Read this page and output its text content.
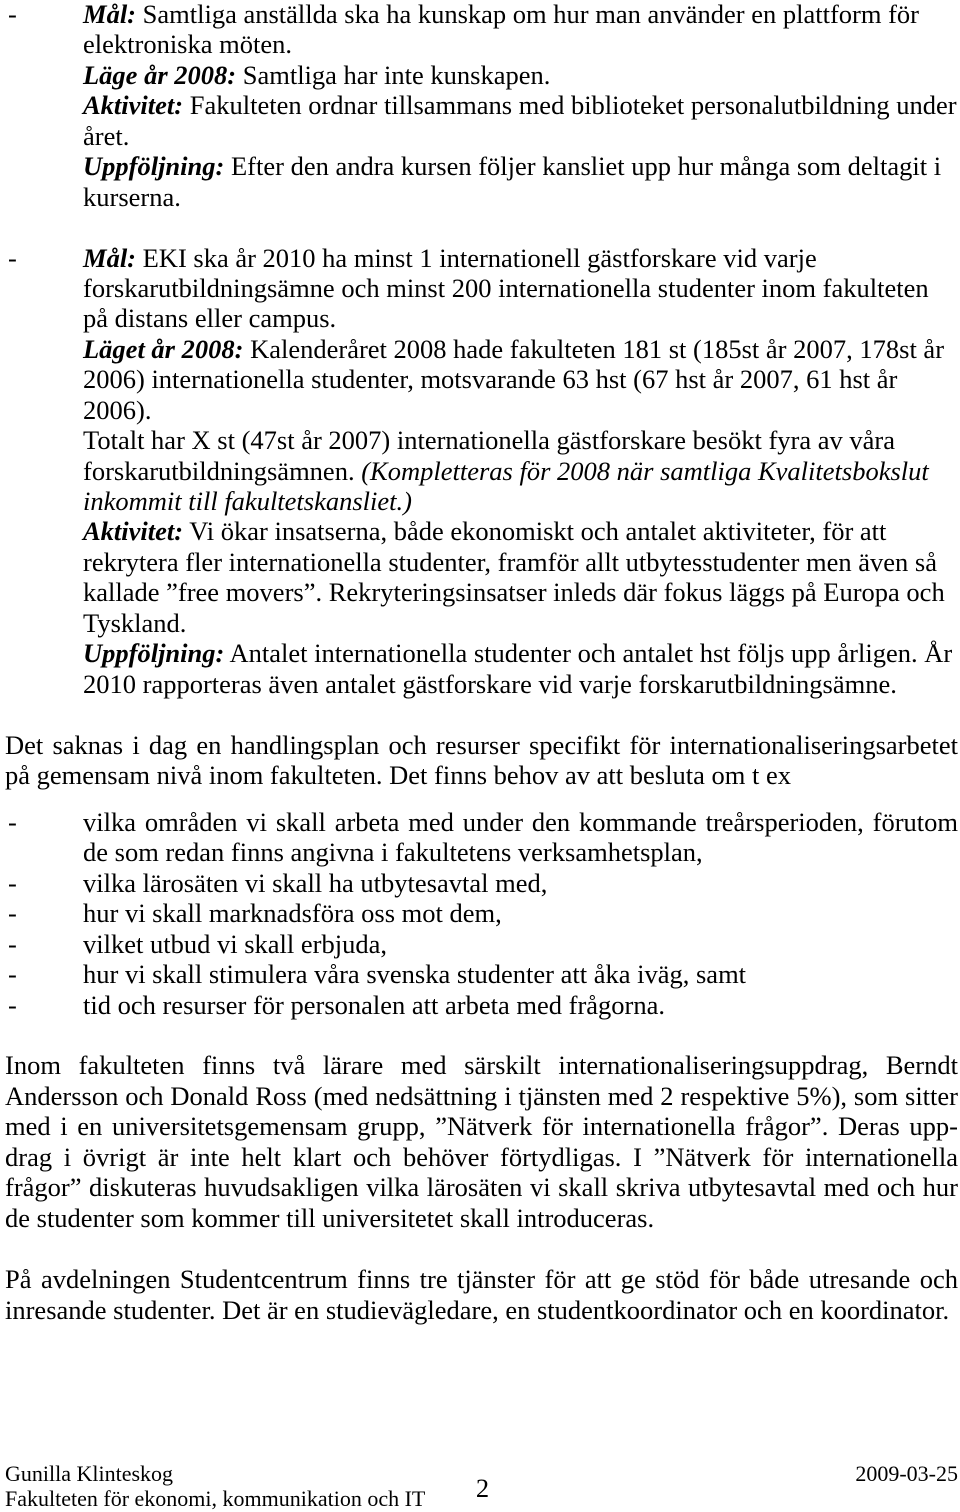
- Mål: Samtliga anställda ska ha kunskap om hur man använder en plattform för
elektroniska möten.
Läge år 2008: Samtliga har inte kunskapen.
Aktivitet: Fakulteten ordnar tillsammans med biblioteket personalutbildning under
året.
Uppföljning: Efter den andra kursen följer kansliet upp hur många som deltagit i
kurserna.
- Mål: EKI ska år 2010 ha minst 1 internationell gästforskare vid varje
forskarutbildningsämne och minst 200 internationella studenter inom fakulteten
på distans eller campus.
Läget år 2008: Kalenderåret 2008 hade fakulteten 181 st (185st år 2007, 178st år
2006) internationella studenter, motsvarande 63 hst (67 hst år 2007, 61 hst år
2006).
Totalt har X st (47st år 2007) internationella gästforskare besökt fyra av våra
forskarutbildningsämnen. (Kompletteras för 2008 när samtliga Kvalitetsbokslut
inkommit till fakultetskansliet.)
Aktivitet: Vi ökar insatserna, både ekonomiskt och antalet aktiviteter, för att
rekrytera fler internationella studenter, framför allt utbytesstudenter men även så
kallade ”free movers”. Rekryteringsinsatser inleds där fokus läggs på Europa och
Tyskland.
Uppföljning: Antalet internationella studenter och antalet hst följs upp årligen. År
2010 rapporteras även antalet gästforskare vid varje forskarutbildningsämne.
Det saknas i dag en handlingsplan och resurser specifikt för internationaliseringsarbetet
på gemensam nivå inom fakulteten. Det finns behov av att besluta om t ex
- vilka områden vi skall arbeta med under den kommande treårsperioden, förutom
de som redan finns angivna i fakultetens verksamhetsplan,
- vilka lärosäten vi skall ha utbytesavtal med,
- hur vi skall marknadsföra oss mot dem,
- vilket utbud vi skall erbjuda,
- hur vi skall stimulera våra svenska studenter att åka iväg, samt
- tid och resurser för personalen att arbeta med frågorna.
Inom fakulteten finns två lärare med särskilt internationaliseringsuppdrag, Berndt
Andersson och Donald Ross (med nedsättning i tjänsten med 2 respektive 5%), som sitter
med i en universitetsgemensam grupp, ”Nätverk för internationella frågor”. Deras upp-
drag i övrigt är inte helt klart och behöver förtydligas. I ”Nätverk för internationella
frågor” diskuteras huvudsakligen vilka lärosäten vi skall skriva utbytesavtal med och hur
de studenter som kommer till universitetet skall introduceras.
På avdelningen Studentcentrum finns tre tjänster för att ge stöd för både utresande och
inresande studenter. Det är en studievägledare, en studentkoordinator och en koordinator.
Gunilla Klinteskog
Fakulteten för ekonomi, kommunikation och IT	2	2009-03-25
